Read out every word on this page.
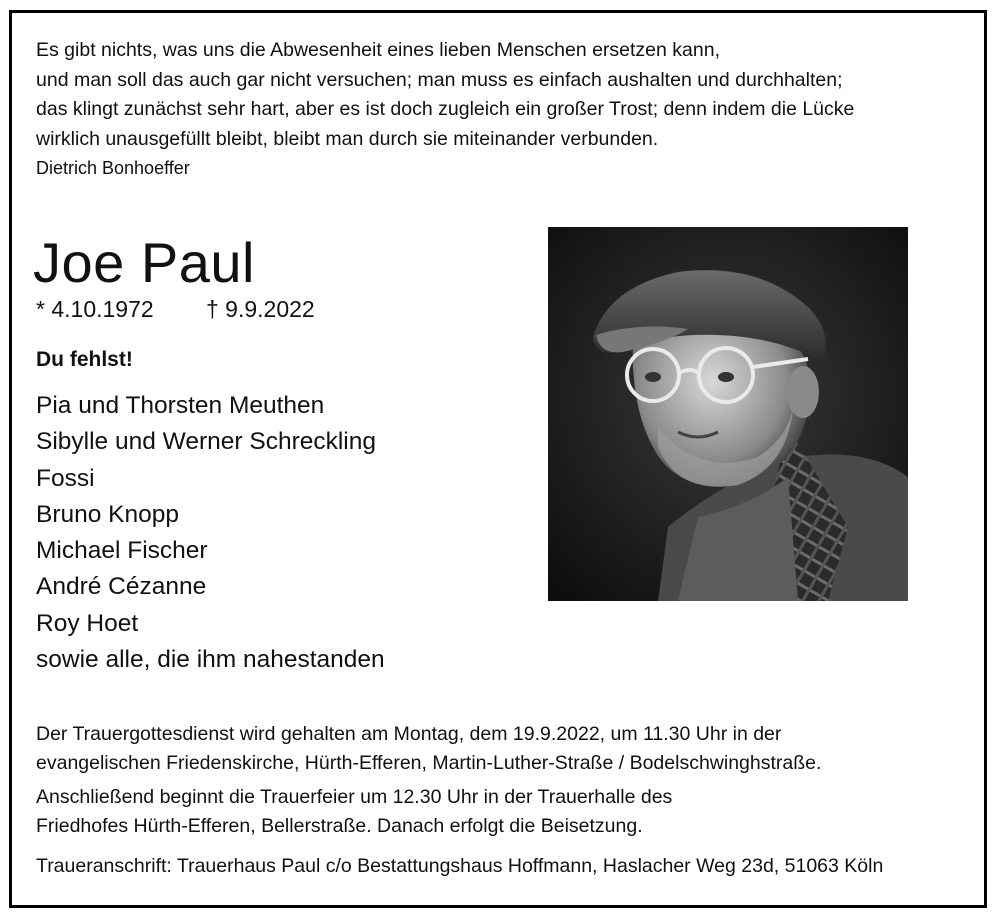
Es gibt nichts, was uns die Abwesenheit eines lieben Menschen ersetzen kann,
und man soll das auch gar nicht versuchen; man muss es einfach aushalten und durchhalten;
das klingt zunächst sehr hart, aber es ist doch zugleich ein großer Trost; denn indem die Lücke
wirklich unausgefüllt bleibt, bleibt man durch sie miteinander verbunden.
Dietrich Bonhoeffer
Joe Paul
* 4.10.1972 † 9.9.2022
Du fehlst!
Pia und Thorsten Meuthen
Sibylle und Werner Schreckling
Fossi
Bruno Knopp
Michael Fischer
André Cézanne
Roy Hoet
sowie alle, die ihm nahestanden
Der Trauergottesdienst wird gehalten am Montag, dem 19.9.2022, um 11.30 Uhr in der
evangelischen Friedenskirche, Hürth-Efferen, Martin-Luther-Straße / Bodelschwinghstraße.
Anschließend beginnt die Trauerfeier um 12.30 Uhr in der Trauerhalle des
Friedhofes Hürth-Efferen, Bellerstraße. Danach erfolgt die Beisetzung.
Traueranschrift: Trauerhaus Paul c/o Bestattungshaus Hoffmann, Haslacher Weg 23d, 51063 Köln
